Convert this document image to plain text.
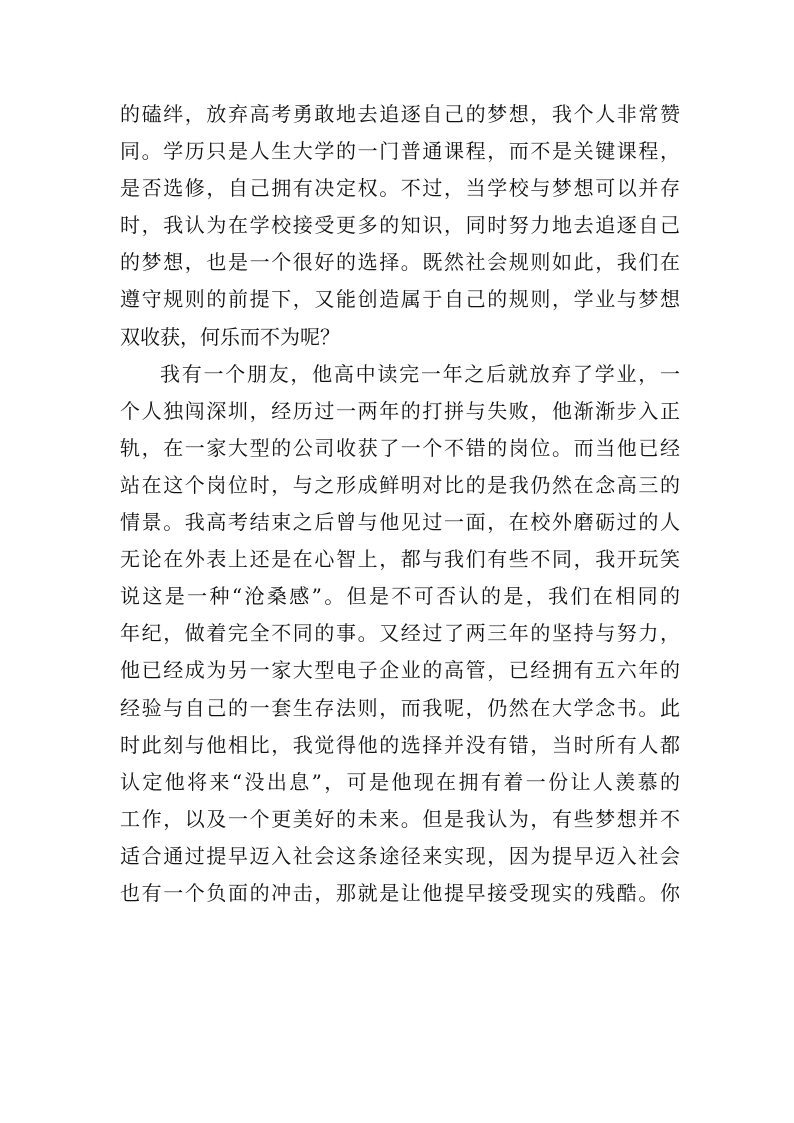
的磕绊，放弃高考勇敢地去追逐自己的梦想，我个人非常赞
同。学历只是人生大学的一门普通课程，而不是关键课程，
是否选修，自己拥有决定权。不过，当学校与梦想可以并存
时，我认为在学校接受更多的知识，同时努力地去追逐自己
的梦想，也是一个很好的选择。既然社会规则如此，我们在
遵守规则的前提下，又能创造属于自己的规则，学业与梦想
双收获，何乐而不为呢？
我有一个朋友，他高中读完一年之后就放弃了学业，一
个人独闯深圳，经历过一两年的打拼与失败，他渐渐步入正
轨，在一家大型的公司收获了一个不错的岗位。而当他已经
站在这个岗位时，与之形成鲜明对比的是我仍然在念高三的
情景。我高考结束之后曾与他见过一面，在校外磨砺过的人
无论在外表上还是在心智上，都与我们有些不同，我开玩笑
说这是一种“沧桑感”。但是不可否认的是，我们在相同的
年纪，做着完全不同的事。又经过了两三年的坚持与努力，
他已经成为另一家大型电子企业的高管，已经拥有五六年的
经验与自己的一套生存法则，而我呢，仍然在大学念书。此
时此刻与他相比，我觉得他的选择并没有错，当时所有人都
认定他将来“没出息”，可是他现在拥有着一份让人羡慕的
工作，以及一个更美好的未来。但是我认为，有些梦想并不
适合通过提早迈入社会这条途径来实现，因为提早迈入社会
也有一个负面的冲击，那就是让他提早接受现实的残酷。你
